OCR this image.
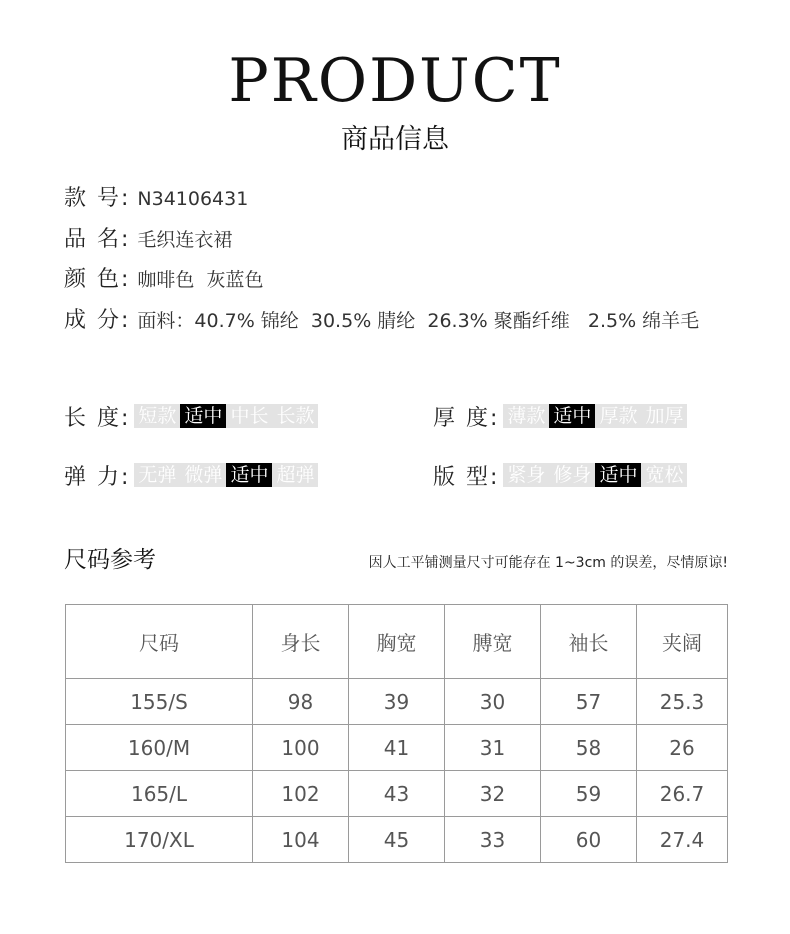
PRODUCT
商品信息
款 号: N34106431
品 名: 毛织连衣裙
颜 色: 咖啡色  灰蓝色
成 分: 面料：40.7% 锦纶  30.5% 腈纶  26.3% 聚酯纤维   2.5% 绵羊毛
长 度: 短款 适中 中长 长款	厚 度: 薄款 适中 厚款 加厚
弹 力: 无弹 微弹 适中 超弹	版 型: 紧身 修身 适中 宽松
尺码参考	因人工平铺测量尺寸可能存在 1~3cm 的误差，尽情原谅!
尺码	身长	胸宽	膊宽	袖长	夹阔
155/S	98	39	30	57	25.3
160/M	100	41	31	58	26
165/L	102	43	32	59	26.7
170/XL	104	45	33	60	27.4
